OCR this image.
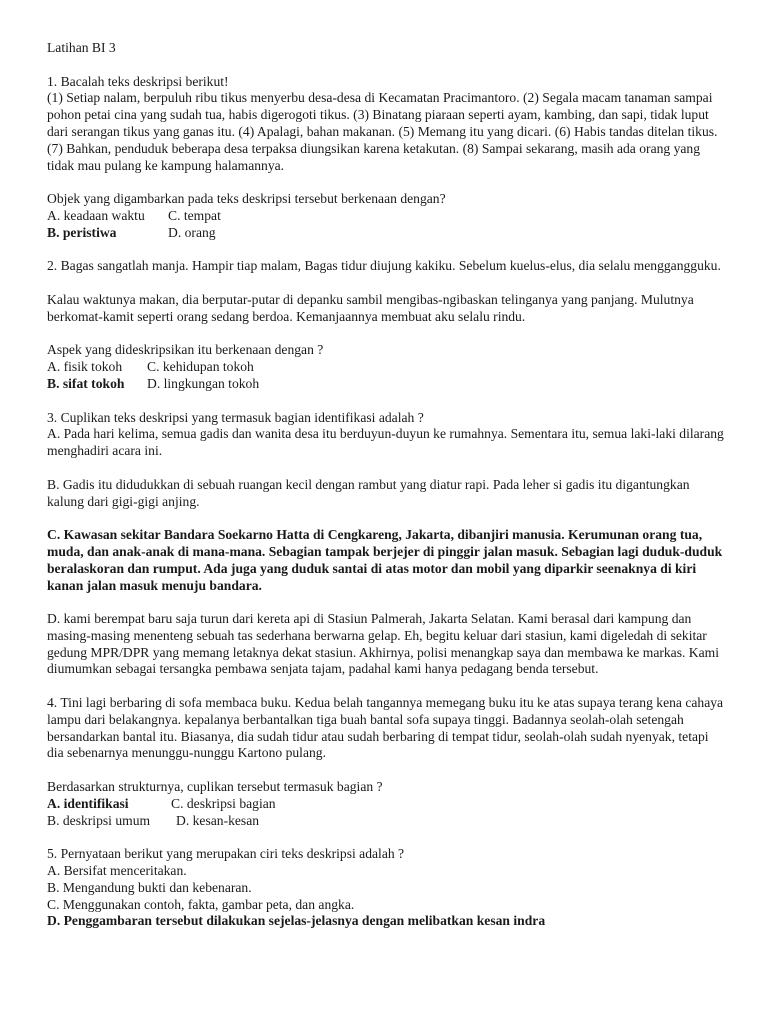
Latihan BI 3
1. Bacalah teks deskripsi berikut!
(1) Setiap nalam, berpuluh ribu tikus menyerbu desa-desa di Kecamatan Pracimantoro. (2) Segala macam tanaman sampai pohon petai cina yang sudah tua, habis digerogoti tikus. (3) Binatang piaraan seperti ayam, kambing, dan sapi, tidak luput dari serangan tikus yang ganas itu. (4) Apalagi, bahan makanan. (5) Memang itu yang dicari. (6) Habis tandas ditelan tikus. (7) Bahkan, penduduk beberapa desa terpaksa diungsikan karena ketakutan. (8) Sampai sekarang, masih ada orang yang tidak mau pulang ke kampung halamannya.
Objek yang digambarkan pada teks deskripsi tersebut berkenaan dengan?
A. keadaan waktu C. tempat
B. peristiwa	D. orang
2. Bagas sangatlah manja. Hampir tiap malam, Bagas tidur diujung kakiku. Sebelum kuelus-elus, dia selalu menggangguku.
Kalau waktunya makan, dia berputar-putar di depanku sambil mengibas-ngibaskan telinganya yang panjang. Mulutnya berkomat-kamit seperti orang sedang berdoa. Kemanjaannya membuat aku selalu rindu.
Aspek yang dideskripsikan itu berkenaan dengan ?
A. fisik tokoh C. kehidupan tokoh
B. sifat tokoh D. lingkungan tokoh
3. Cuplikan teks deskripsi yang termasuk bagian identifikasi adalah ?
A. Pada hari kelima, semua gadis dan wanita desa itu berduyun-duyun ke rumahnya. Sementara itu, semua laki-laki dilarang menghadiri acara ini.
B. Gadis itu didudukkan di sebuah ruangan kecil dengan rambut yang diatur rapi. Pada leher si gadis itu digantungkan kalung dari gigi-gigi anjing.
C. Kawasan sekitar Bandara Soekarno Hatta di Cengkareng, Jakarta, dibanjiri manusia. Kerumunan orang tua, muda, dan anak-anak di mana-mana. Sebagian tampak berjejer di pinggir jalan masuk. Sebagian lagi duduk-duduk beralaskoran dan rumput. Ada juga yang duduk santai di atas motor dan mobil yang diparkir seenaknya di kiri kanan jalan masuk menuju bandara.
D. kami berempat baru saja turun dari kereta api di Stasiun Palmerah, Jakarta Selatan. Kami berasal dari kampung dan masing-masing menenteng sebuah tas sederhana berwarna gelap. Eh, begitu keluar dari stasiun, kami digeledah di sekitar gedung MPR/DPR yang memang letaknya dekat stasiun. Akhirnya, polisi menangkap saya dan membawa ke markas. Kami diumumkan sebagai tersangka pembawa senjata tajam, padahal kami hanya pedagang benda tersebut.
4. Tini lagi berbaring di sofa membaca buku. Kedua belah tangannya memegang buku itu ke atas supaya terang kena cahaya lampu dari belakangnya. kepalanya berbantalkan tiga buah bantal sofa supaya tinggi. Badannya seolah-olah setengah bersandarkan bantal itu. Biasanya, dia sudah tidur atau sudah berbaring di tempat tidur, seolah-olah sudah nyenyak, tetapi dia sebenarnya menunggu-nunggu Kartono pulang.
Berdasarkan strukturnya, cuplikan tersebut termasuk bagian ?
A. identifikasi	C. deskripsi bagian
B. deskripsi umum D. kesan-kesan
5. Pernyataan berikut yang merupakan ciri teks deskripsi adalah ?
A. Bersifat menceritakan.
B. Mengandung bukti dan kebenaran.
C. Menggunakan contoh, fakta, gambar peta, dan angka.
D. Penggambaran tersebut dilakukan sejelas-jelasnya dengan melibatkan kesan indra
